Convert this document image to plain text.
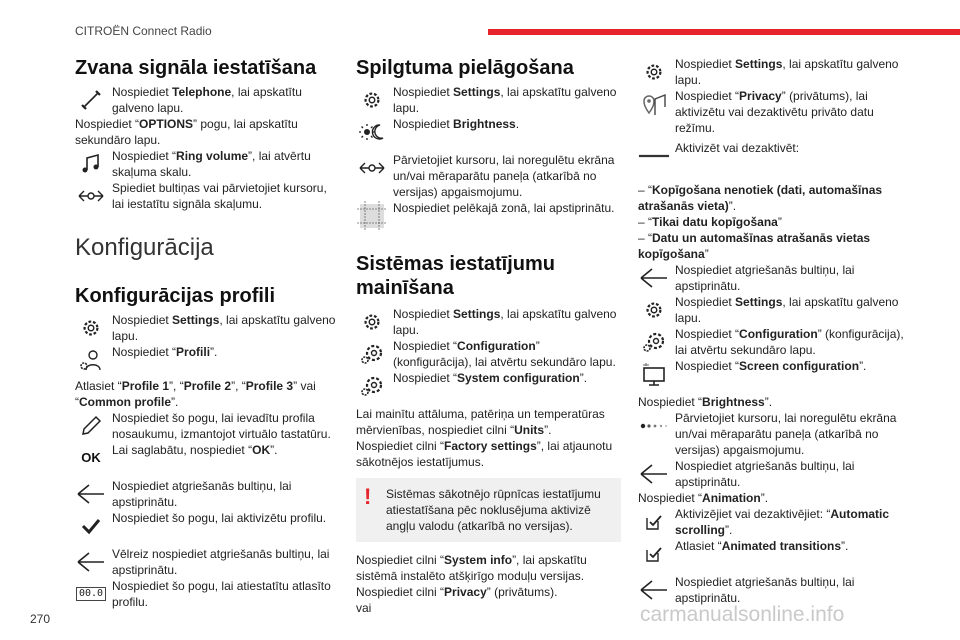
CITROËN Connect Radio
Zvana signāla iestatīšana
Nospiediet Telephone, lai apskatītu galveno lapu.

Nospiediet “OPTIONS” pogu, lai apskatītu sekundāro lapu.

Nospiediet “Ring volume”, lai atvērtu skaļuma skalu.
Spiediet bultiņas vai pārvietojiet kursoru, lai iestatītu signāla skaļumu.
Konfigurācija
Konfigurācijas profili
Nospiediet Settings, lai apskatītu galveno lapu.
Nospiediet “Profili”.

Atlasiet “Profile 1”, “Profile 2”, “Profile 3” vai “Common profile”.

Nospiediet šo pogu, lai ievadītu profila nosaukumu, izmantojot virtuālo tastatūru.
OK Lai saglabātu, nospiediet “OK”.
Nospiediet atgriešanās bultiņu, lai apstiprinātu.
Nospiediet šo pogu, lai aktivizētu profilu.
Vēlreiz nospiediet atgriešanās bultiņu, lai apstiprinātu.
00.0
Nospiediet šo pogu, lai atiestatītu atlasīto profilu.
Spilgtuma pielāgošana
Nospiediet Settings, lai apskatītu galveno lapu.
Nospiediet Brightness.
Pārvietojiet kursoru, lai noregulētu ekrāna un/vai mēraparātu paneļa (atkarībā no versijas) apgaismojumu.
Nospiediet pelēkajā zonā, lai apstiprinātu.
Sistēmas iestatījumu mainīšana
Nospiediet Settings, lai apskatītu galveno lapu.
Nospiediet “Configuration” (konfigurācija), lai atvērtu sekundāro lapu.
Nospiediet “System configuration”.

Lai mainītu attāluma, patēriņa un temperatūras mērvienības, nospiediet cilni “Units”.

Nospiediet cilni “Factory settings”, lai atjaunotu sākotnējos iestatījumus.

! Sistēmas sākotnējo rūpnīcas iestatījumu atiestatīšana pēc noklusējuma aktivizē angļu valodu (atkarībā no versijas).

Nospiediet cilni “System info”, lai apskatītu sistēmā instalēto atšķirīgo moduļu versijas.

Nospiediet cilni “Privacy” (privātums).

vai

Nospiediet Settings, lai apskatītu galveno lapu.
Nospiediet “Privacy” (privātums), lai aktivizētu vai dezaktivētu privāto datu režīmu.
Aktivizēt vai dezaktivēt:

– “Kopīgošana nenotiek (dati, automašīnas atrašanās vieta)”.

– “Tikai datu kopīgošana”

– “Datu un automašīnas atrašanās vietas kopīgošana”

Nospiediet atgriešanās bultiņu, lai apstiprinātu.
Nospiediet Settings, lai apskatītu galveno lapu.
Nospiediet “Configuration” (konfigurācija), lai atvērtu sekundāro lapu.
Nospiediet “Screen configuration”.

Nospiediet “Brightness”.

Pārvietojiet kursoru, lai noregulētu ekrāna un/vai mēraparātu paneļa (atkarībā no versijas) apgaismojumu.
Nospiediet atgriešanās bultiņu, lai apstiprinātu.

Nospiediet “Animation”.

Aktivizējiet vai dezaktivējiet: “Automatic scrolling”.
Atlasiet “Animated transitions”.
Nospiediet atgriešanās bultiņu, lai apstiprinātu.
270	carmanualsonline.info
